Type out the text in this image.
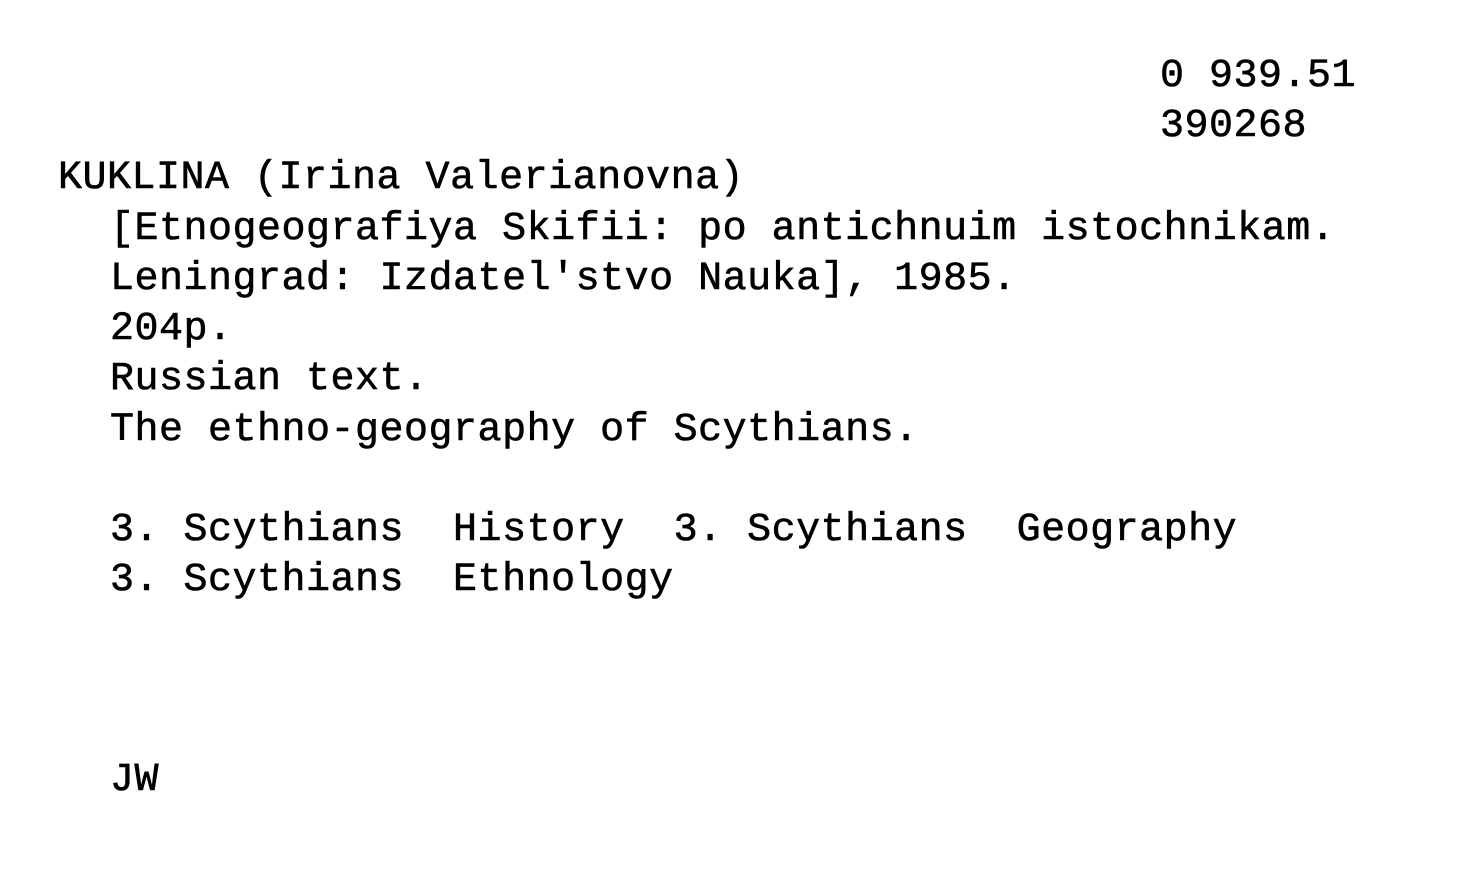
0 939.51
390268
KUKLINA (Irina Valerianovna)
[Etnogeografiya Skifii: po antichnuim istochnikam.
Leningrad: Izdatel'stvo Nauka], 1985.
204p.
Russian text.
The ethno-geography of Scythians.
3. Scythians  History  3. Scythians  Geography
3. Scythians  Ethnology
JW
